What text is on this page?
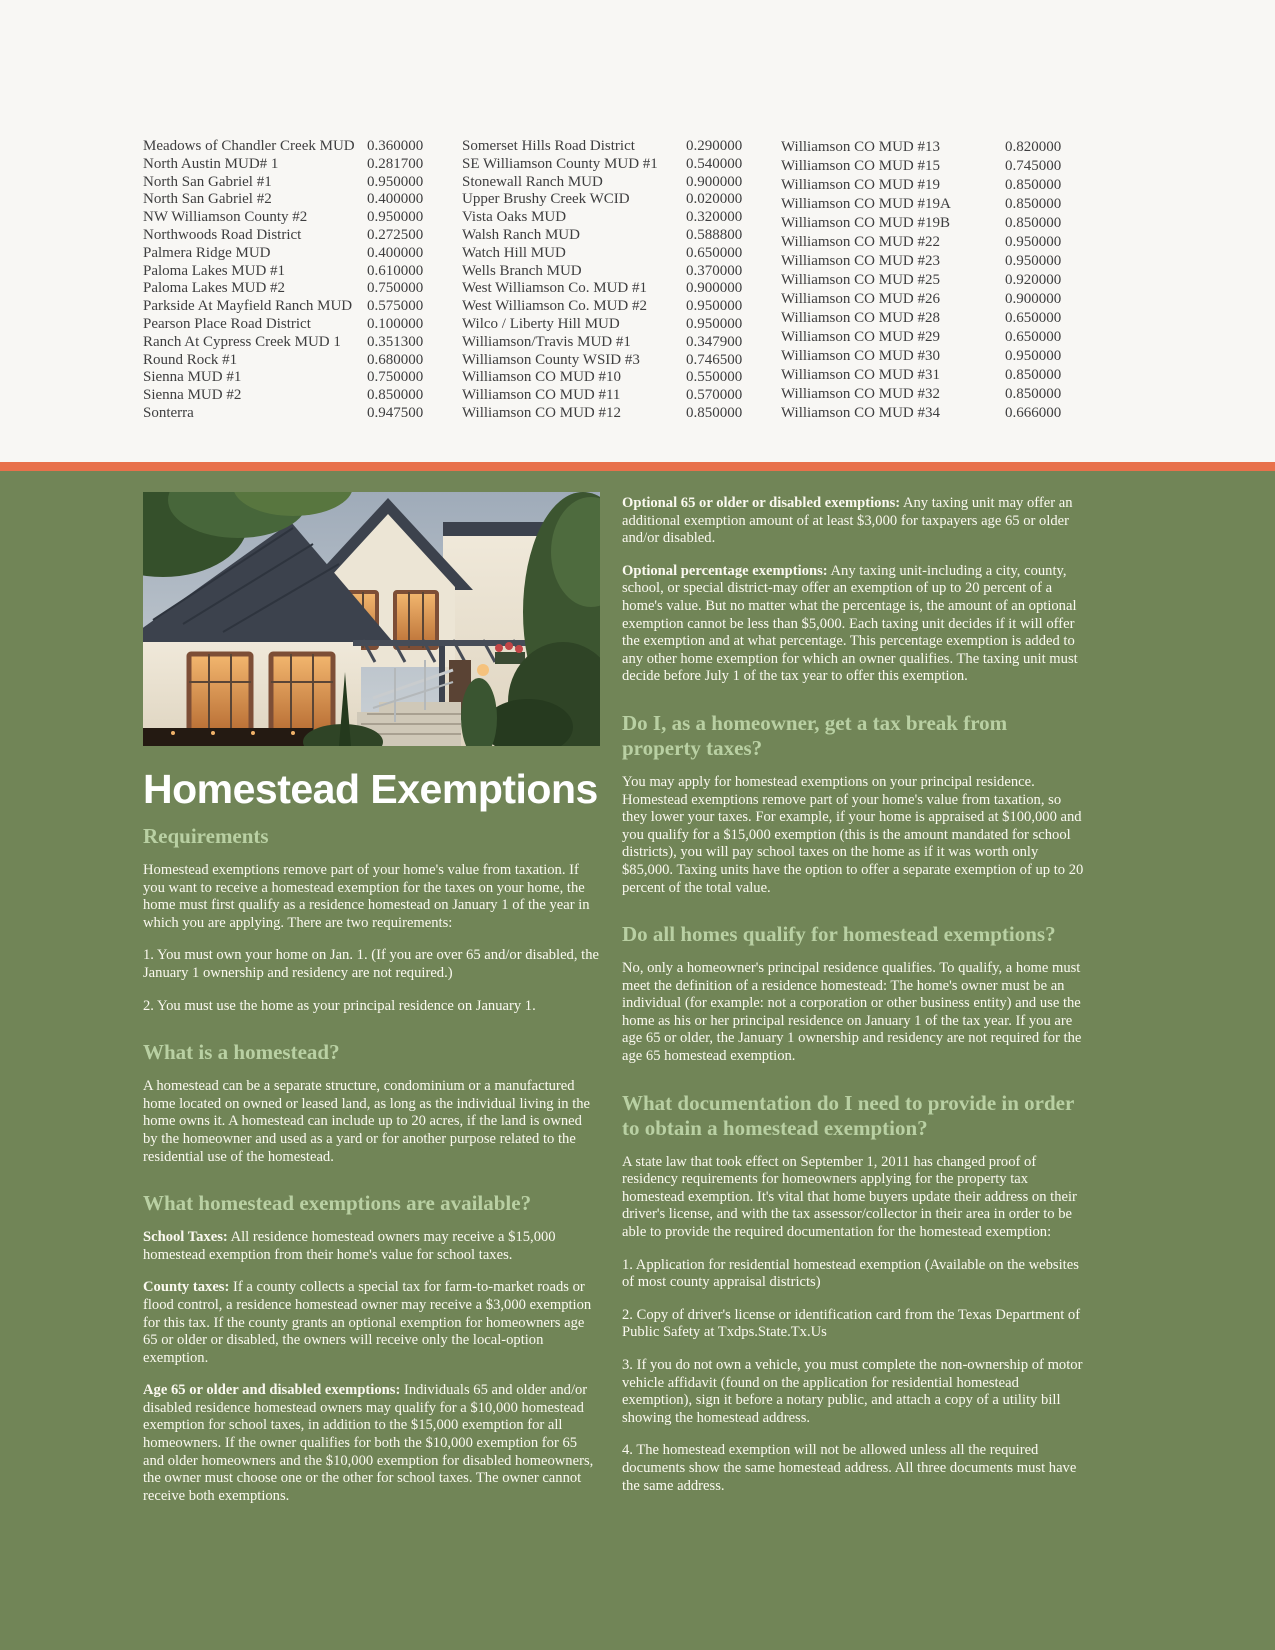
Meadows of Chandler Creek MUD 0.360000
North Austin MUD# 1	0.281700
North San Gabriel #1	0.950000
North San Gabriel #2	0.400000
NW Williamson County #2	0.950000
Northwoods Road District	0.272500
Palmera Ridge MUD	0.400000
Paloma Lakes MUD #1	0.610000
Paloma Lakes MUD #2	0.750000
Parkside At Mayfield Ranch MUD 0.575000
Pearson Place Road District	0.100000
Ranch At Cypress Creek MUD 1	0.351300
Round Rock #1	0.680000
Sienna MUD #1	0.750000
Sienna MUD #2	0.850000
Sonterra	0.947500
Somerset Hills Road District	0.290000
SE Williamson County MUD #1	0.540000
Stonewall Ranch MUD	0.900000
Upper Brushy Creek WCID	0.020000
Vista Oaks MUD	0.320000
Walsh Ranch MUD	0.588800
Watch Hill MUD	0.650000
Wells Branch MUD	0.370000
West Williamson Co. MUD #1	0.900000
West Williamson Co. MUD #2	0.950000
Wilco / Liberty Hill MUD	0.950000
Williamson/Travis MUD #1	0.347900
Williamson County WSID #3	0.746500
Williamson CO MUD #10	0.550000
Williamson CO MUD #11	0.570000
Williamson CO MUD #12	0.850000
Williamson CO MUD #13	0.820000
Williamson CO MUD #15	0.745000
Williamson CO MUD #19	0.850000
Williamson CO MUD #19A	0.850000
Williamson CO MUD #19B	0.850000
Williamson CO MUD #22	0.950000
Williamson CO MUD #23	0.950000
Williamson CO MUD #25	0.920000
Williamson CO MUD #26	0.900000
Williamson CO MUD #28	0.650000
Williamson CO MUD #29	0.650000
Williamson CO MUD #30	0.950000
Williamson CO MUD #31	0.850000
Williamson CO MUD #32	0.850000
Williamson CO MUD #34	0.666000
Homestead Exemptions
Requirements

Homestead exemptions remove part of your home's value from taxation. If you want to receive a homestead exemption for the taxes on your home, the home must first qualify as a residence homestead on January 1 of the year in which you are applying. There are two requirements:

1. You must own your home on Jan. 1. (If you are over 65 and/or disabled, the January 1 ownership and residency are not required.)

2. You must use the home as your principal residence on January 1.

What is a homestead?

A homestead can be a separate structure, condominium or a manufactured home located on owned or leased land, as long as the individual living in the home owns it. A homestead can include up to 20 acres, if the land is owned by the homeowner and used as a yard or for another purpose related to the residential use of the homestead.

What homestead exemptions are available?

School Taxes: All residence homestead owners may receive a $15,000 homestead exemption from their home's value for school taxes.

County taxes: If a county collects a special tax for farm-to-market roads or flood control, a residence homestead owner may receive a $3,000 exemption for this tax. If the county grants an optional exemption for homeowners age 65 or older or disabled, the owners will receive only the local-option exemption.

Age 65 or older and disabled exemptions: Individuals 65 and older and/or disabled residence homestead owners may qualify for a $10,000 homestead exemption for school taxes, in addition to the $15,000 exemption for all homeowners. If the owner qualifies for both the $10,000 exemption for 65 and older homeowners and the $10,000 exemption for disabled homeowners, the owner must choose one or the other for school taxes. The owner cannot receive both exemptions.

Optional 65 or older or disabled exemptions: Any taxing unit may offer an additional exemption amount of at least $3,000 for taxpayers age 65 or older and/or disabled.

Optional percentage exemptions: Any taxing unit-including a city, county, school, or special district-may offer an exemption of up to 20 percent of a home's value. But no matter what the percentage is, the amount of an optional exemption cannot be less than $5,000. Each taxing unit decides if it will offer the exemption and at what percentage. This percentage exemption is added to any other home exemption for which an owner qualifies. The taxing unit must decide before July 1 of the tax year to offer this exemption.

Do I, as a homeowner, get a tax break from property taxes?

You may apply for homestead exemptions on your principal residence. Homestead exemptions remove part of your home's value from taxation, so they lower your taxes. For example, if your home is appraised at $100,000 and you qualify for a $15,000 exemption (this is the amount mandated for school districts), you will pay school taxes on the home as if it was worth only $85,000. Taxing units have the option to offer a separate exemption of up to 20 percent of the total value.

Do all homes qualify for homestead exemptions?

No, only a homeowner's principal residence qualifies. To qualify, a home must meet the definition of a residence homestead: The home's owner must be an individual (for example: not a corporation or other business entity) and use the home as his or her principal residence on January 1 of the tax year. If you are age 65 or older, the January 1 ownership and residency are not required for the age 65 homestead exemption.

What documentation do I need to provide in order to obtain a homestead exemption?

A state law that took effect on September 1, 2011 has changed proof of residency requirements for homeowners applying for the property tax homestead exemption. It's vital that home buyers update their address on their driver's license, and with the tax assessor/collector in their area in order to be able to provide the required documentation for the homestead exemption:

1. Application for residential homestead exemption (Available on the websites of most county appraisal districts)

2. Copy of driver's license or identification card from the Texas Department of Public Safety at Txdps.State.Tx.Us

3. If you do not own a vehicle, you must complete the non-ownership of motor vehicle affidavit (found on the application for residential homestead exemption), sign it before a notary public, and attach a copy of a utility bill showing the homestead address.

4. The homestead exemption will not be allowed unless all the required documents show the same homestead address. All three documents must have the same address.
